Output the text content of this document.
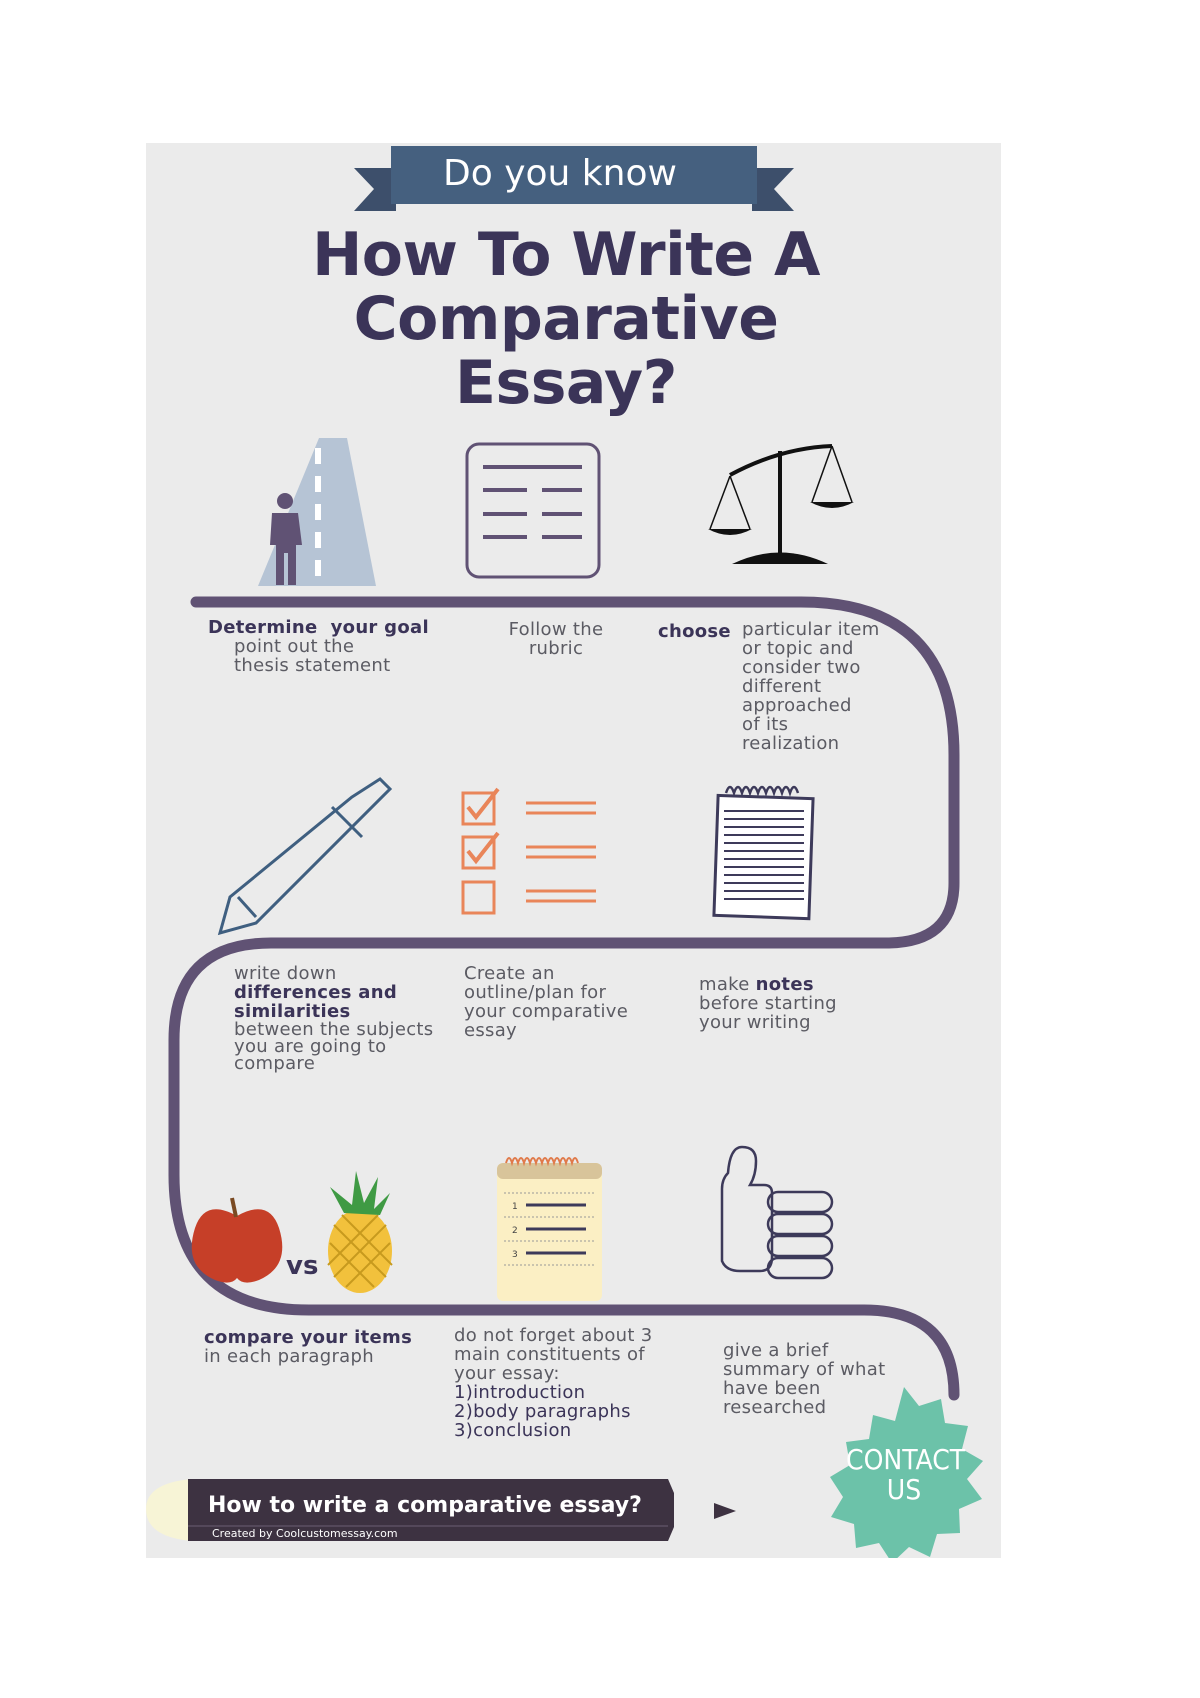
1
2
3
Do you know
How To Write A
Comparative
Essay?
Determine  your goal
point out the
thesis statement
Follow the
rubric
choose particular item
or topic and
consider two
different
approached
of its
realization
write down
differences and
similarities
between the subjects
you are going to
compare
Create an
outline/plan for
your comparative
essay
make notes
before starting
your writing
vs
compare your items
in each paragraph
do not forget about 3
main constituents of
your essay:
1)introduction
2)body paragraphs
3)conclusion
give a brief
summary of what
have been
researched
CONTACT
US
How to write a comparative essay?
Created by Coolcustomessay.com
